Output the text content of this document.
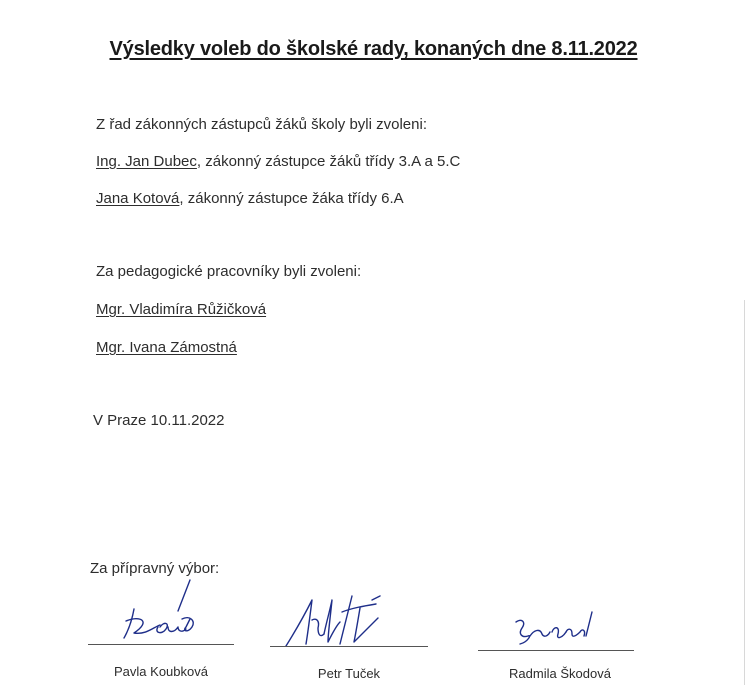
Výsledky voleb do školské rady, konaných dne 8.11.2022
Z řad zákonných zástupců žáků školy byli zvoleni:
Ing. Jan Dubec, zákonný zástupce žáků třídy 3.A a 5.C
Jana Kotová, zákonný zástupce žáka třídy 6.A
Za pedagogické pracovníky byli zvoleni:
Mgr. Vladimíra Růžičková
Mgr. Ivana Zámostná
V Praze 10.11.2022
Za přípravný výbor:
Pavla Koubková	Petr Tuček	Radmila Škodová
